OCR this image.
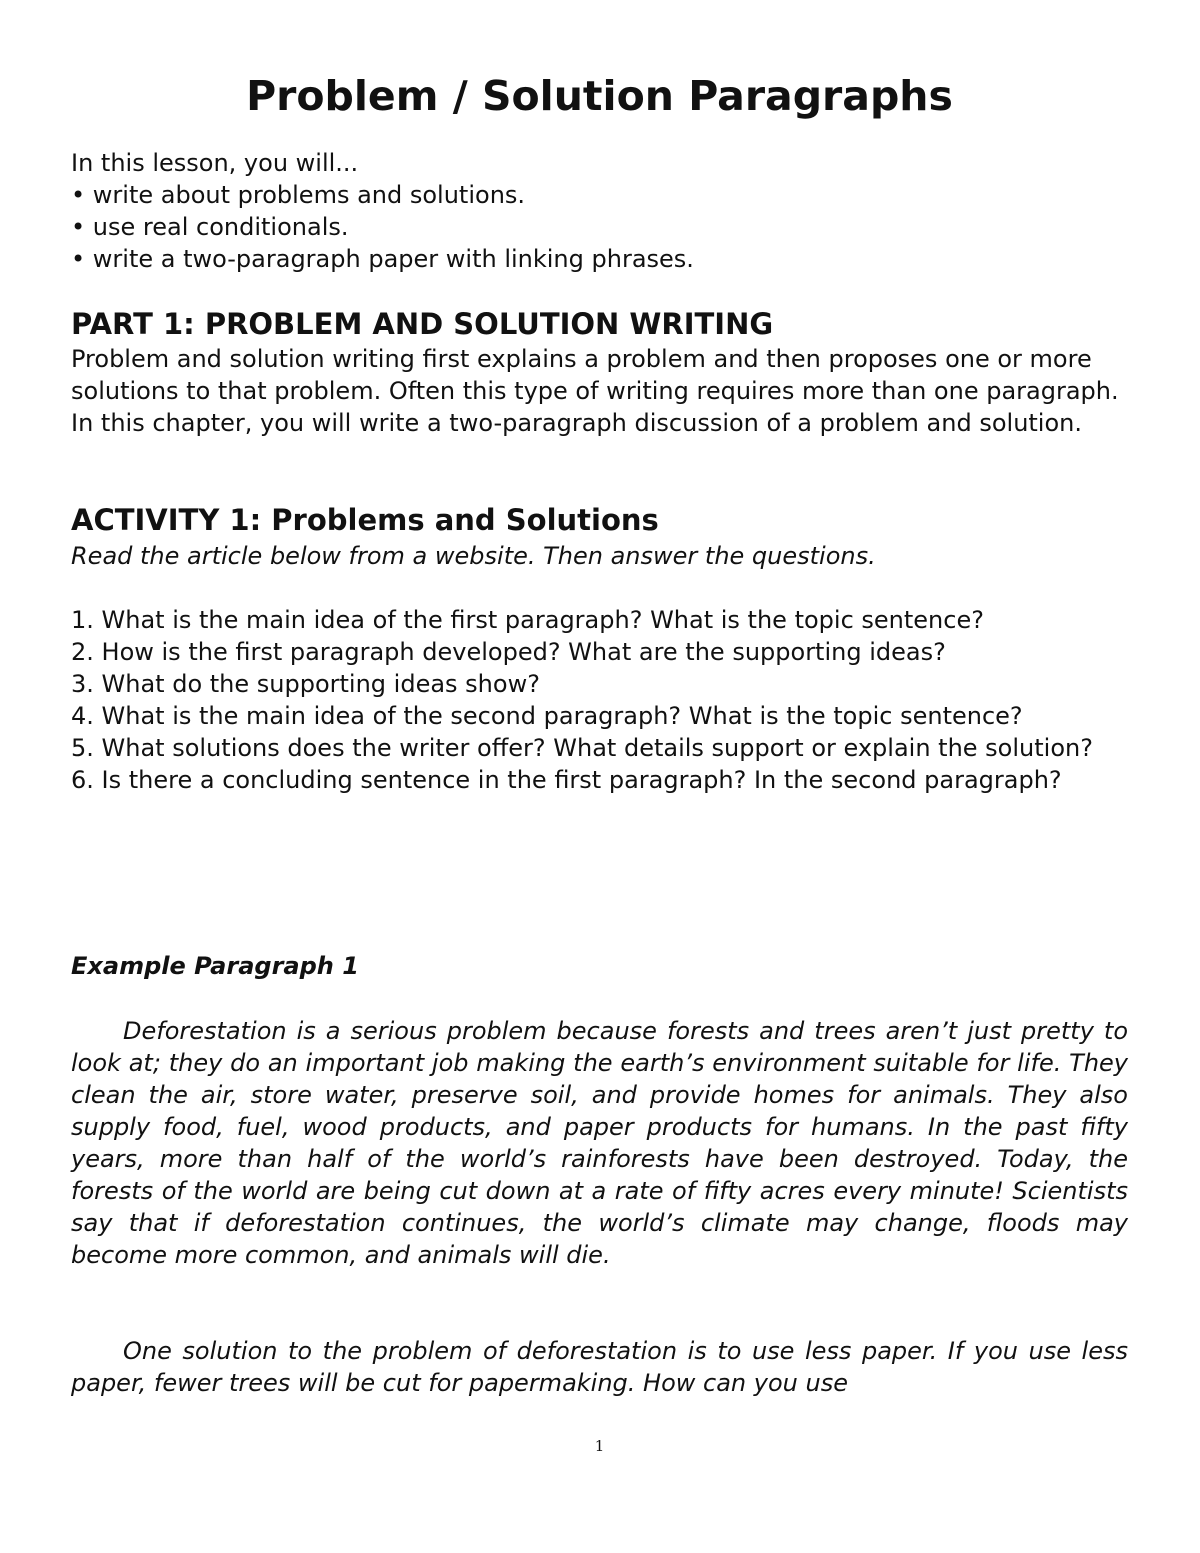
Problem / Solution Paragraphs
In this lesson, you will...
• write about problems and solutions.
• use real conditionals.
• write a two-paragraph paper with linking phrases.
PART 1: PROBLEM AND SOLUTION WRITING

Problem and solution writing first explains a problem and then proposes one or more solutions to that problem. Often this type of writing requires more than one paragraph. In this chapter, you will write a two-paragraph discussion of a problem and solution.

ACTIVITY 1: Problems and Solutions

Read the article below from a website. Then answer the questions.

1. What is the main idea of the first paragraph? What is the topic sentence?
2. How is the first paragraph developed? What are the supporting ideas?
3. What do the supporting ideas show?
4. What is the main idea of the second paragraph? What is the topic sentence?
5. What solutions does the writer offer? What details support or explain the solution?
6. Is there a concluding sentence in the first paragraph? In the second paragraph?

Example Paragraph 1

Deforestation is a serious problem because forests and trees aren’t just pretty to look at; they do an important job making the earth’s environment suitable for life. They clean the air, store water, preserve soil, and provide homes for animals. They also supply food, fuel, wood products, and paper products for humans. In the past fifty years, more than half of the world’s rainforests have been destroyed. Today, the forests of the world are being cut down at a rate of fifty acres every minute! Scientists say that if deforestation continues, the world’s climate may change, floods may become more common, and animals will die.

One solution to the problem of deforestation is to use less paper. If you use less paper, fewer trees will be cut for papermaking. How can you use

1
